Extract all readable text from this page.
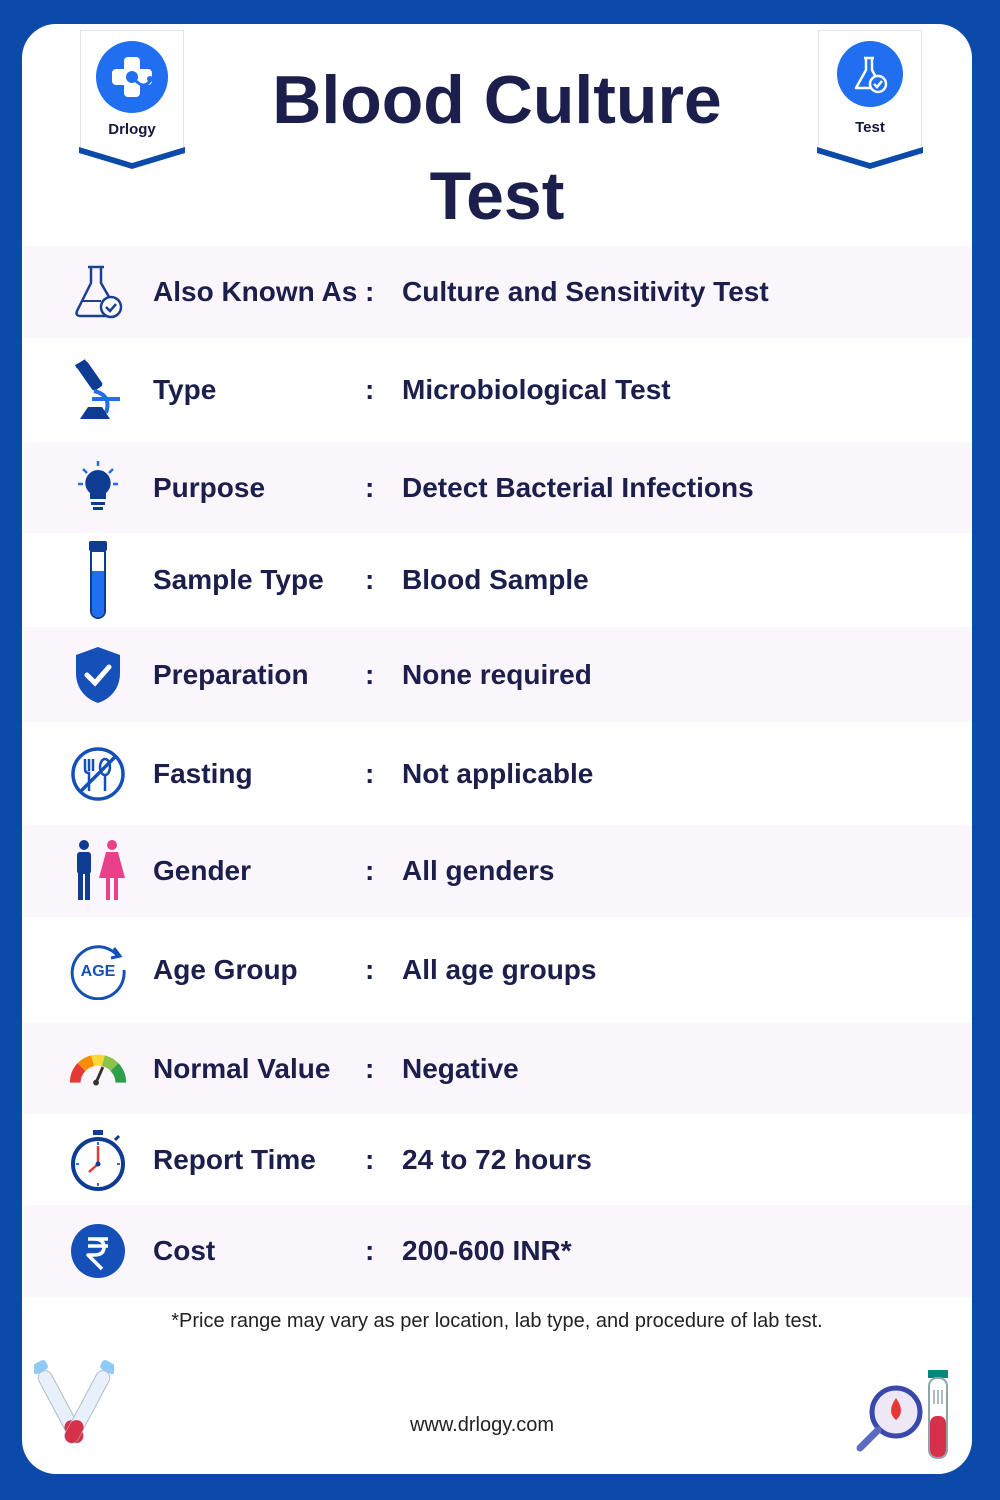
Drlogy	Blood Culture
Test
Test
Also Known As : Culture and Sensitivity Test
Type	: Microbiological Test
Purpose	: Detect Bacterial Infections
Sample Type : Blood Sample
Preparation : None required
Fasting	: Not applicable
Gender	: All genders
AGE Age Group : All age groups
Normal Value : Negative
Report Time : 24 to 72 hours
Cost	: 200-600 INR*
*Price range may vary as per location, lab type, and procedure of lab test.
www.drlogy.com
